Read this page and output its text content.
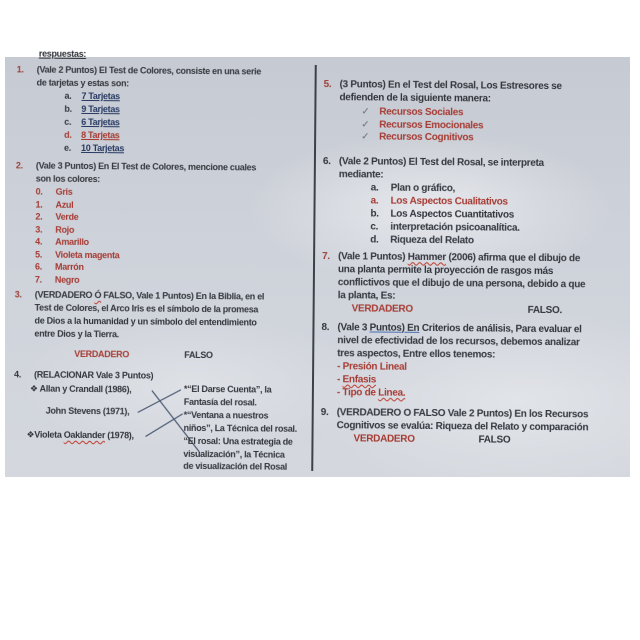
respuestas:
1.	(Vale 2 Puntos) El Test de Colores, consiste en una serie
de tarjetas y estas son:
a.	7 Tarjetas
b.	9 Tarjetas
c.	6 Tarjetas
d.	8 Tarjetas
e.	10 Tarjetas
2.	(Vale 3 Puntos) En El Test de Colores, mencione cuales
son los colores:
0.	Gris
1.	Azul
2.	Verde
3.	Rojo
4.	Amarillo
5.	Violeta magenta
6.	Marrón
7.	Negro
3.	(VERDADERO Ó FALSO, Vale 1 Puntos) En la Biblia, en el
Test de Colores, el Arco Iris es el símbolo de la promesa
de Dios a la humanidad y un símbolo del entendimiento
entre Dios y la Tierra.
VERDADERO	FALSO
4.	(RELACIONAR Vale 3 Puntos)
❖ Allan y Crandall (1986),
John Stevens (1971),
❖Violeta Oaklander (1978),
*“El Darse Cuenta”, la
Fantasía del rosal.
*“Ventana a nuestros
niños”, La Técnica del rosal.
“El rosal: Una estrategia de
visualización”, la Técnica
de visualización del Rosal
5. (3 Puntos) En el Test del Rosal, Los Estresores se
defienden de la siguiente manera:
✓ Recursos Sociales
✓ Recursos Emocionales
✓ Recursos Cognitivos
6. (Vale 2 Puntos) El Test del Rosal, se interpreta
mediante:
a.	Plan o gráfico,
a.	Los Aspectos Cualitativos
b.	Los Aspectos Cuantitativos
c.	interpretación psicoanalítica.
d.	Riqueza del Relato
7. (Vale 1 Puntos) Hammer (2006) afirma que el dibujo de
una planta permite la proyección de rasgos más
conflictivos que el dibujo de una persona, debido a que
la planta, Es:
VERDADERO	FALSO.
8. (Vale 3 Puntos) En Criterios de análisis, Para evaluar el
nivel de efectividad de los recursos, debemos analizar
tres aspectos, Entre ellos tenemos:
- Presión Lineal
- Enfasis
- Tipo de Linea.
9. (VERDADERO O FALSO Vale 2 Puntos) En los Recursos
Cognitivos se evalúa: Riqueza del Relato y comparación
VERDADERO	FALSO
